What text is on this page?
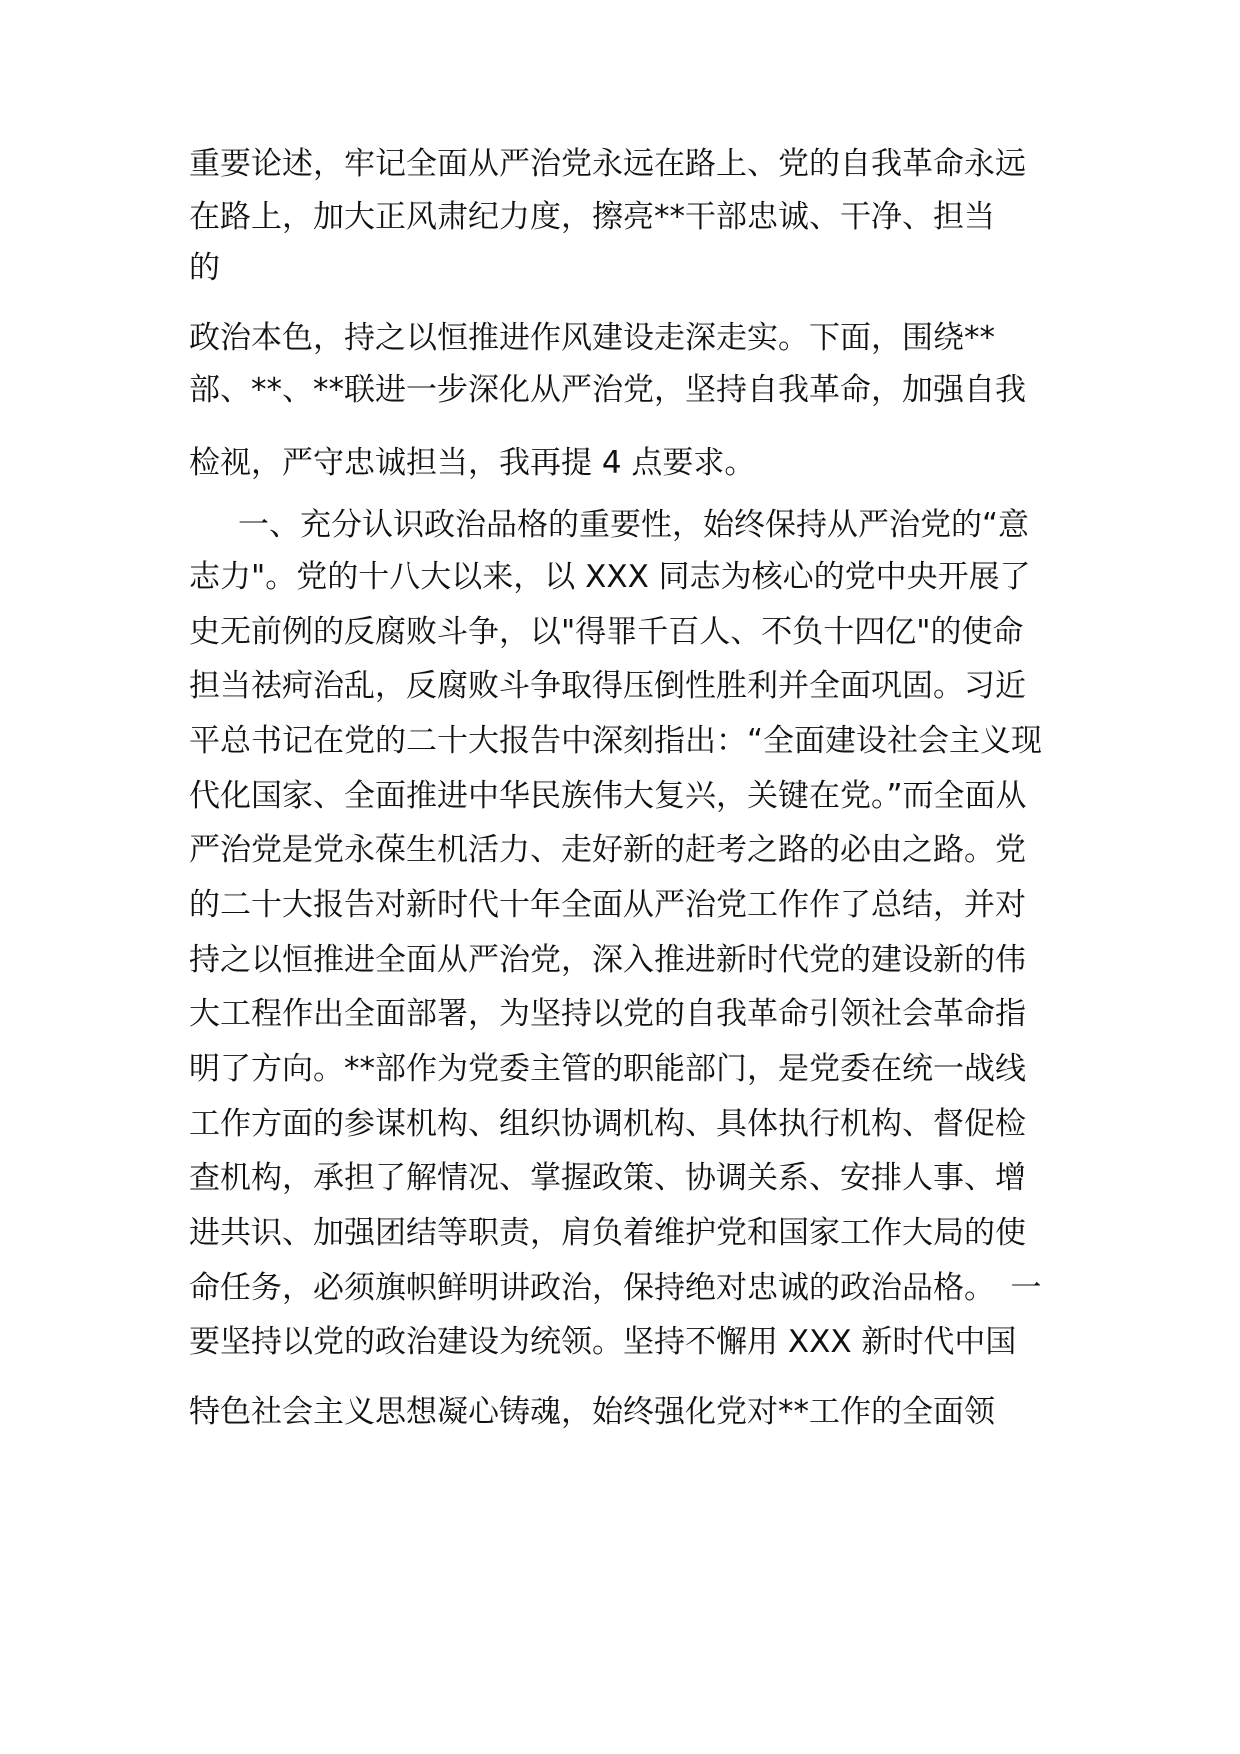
重要论述，牢记全面从严治党永远在路上、党的自我革命永远
在路上，加大正风肃纪力度，擦亮**干部忠诚、干净、担当
的
政治本色，持之以恒推进作风建设走深走实。下面，围绕**
部、**、**联进一步深化从严治党，坚持自我革命，加强自我
检视，严守忠诚担当，我再提 4 点要求。
一、充分认识政治品格的重要性，始终保持从严治党的“意
志力"。党的十八大以来，以 XXX 同志为核心的党中央开展了
史无前例的反腐败斗争，以"得罪千百人、不负十四亿"的使命
担当祛疴治乱，反腐败斗争取得压倒性胜利并全面巩固。习近
平总书记在党的二十大报告中深刻指出：“全面建设社会主义现
代化国家、全面推进中华民族伟大复兴，关键在党。”而全面从
严治党是党永葆生机活力、走好新的赶考之路的必由之路。党
的二十大报告对新时代十年全面从严治党工作作了总结，并对
持之以恒推进全面从严治党，深入推进新时代党的建设新的伟
大工程作出全面部署，为坚持以党的自我革命引领社会革命指
明了方向。**部作为党委主管的职能部门，是党委在统一战线
工作方面的参谋机构、组织协调机构、具体执行机构、督促检
查机构，承担了解情况、掌握政策、协调关系、安排人事、增
进共识、加强团结等职责，肩负着维护党和国家工作大局的使
命任务，必须旗帜鲜明讲政治，保持绝对忠诚的政治品格。　一
要坚持以党的政治建设为统领。坚持不懈用 XXX 新时代中国
特色社会主义思想凝心铸魂，始终强化党对**工作的全面领
